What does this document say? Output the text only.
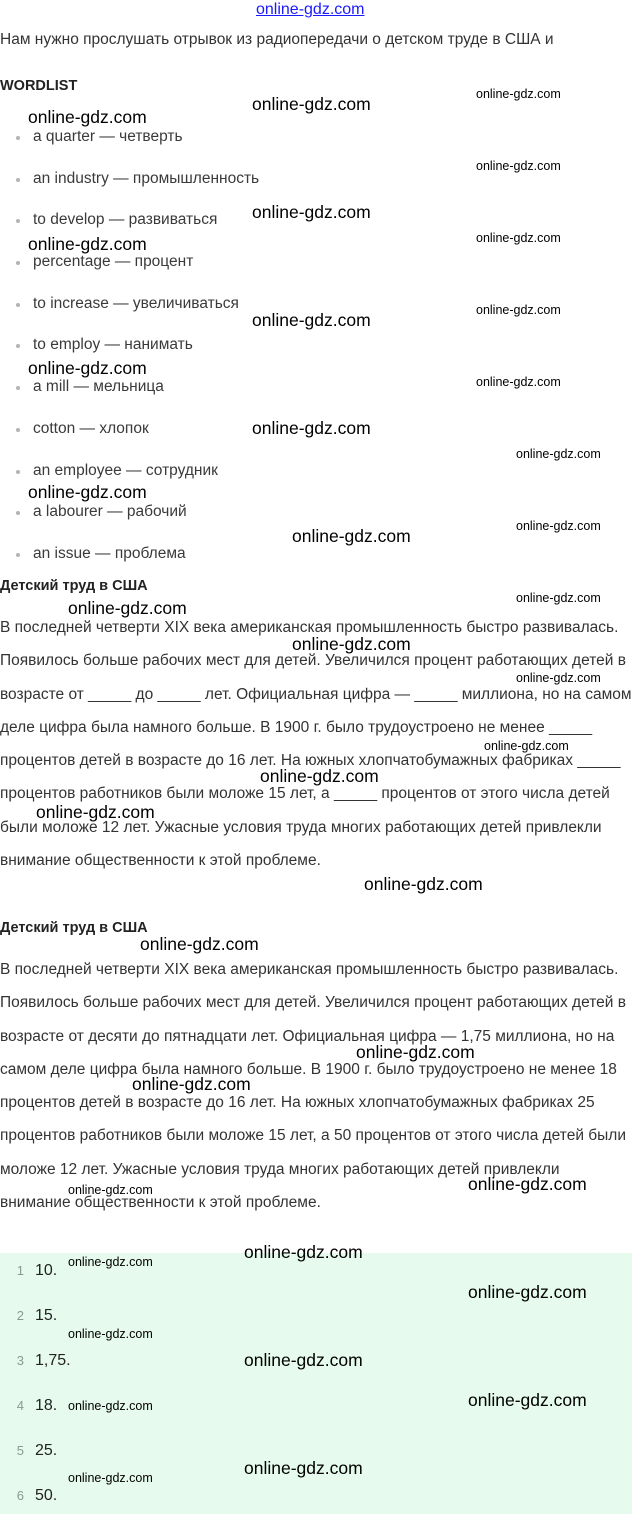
online-gdz.com
Нам нужно прослушать отрывок из радиопередачи о детском труде в США и
WORDLIST
a quarter — четверть
an industry — промышленность
to develop — развиваться
percentage — процент
to increase — увеличиваться
to employ — нанимать
a mill — мельница
cotton — хлопок
an employee — сотрудник
a labourer — рабочий
an issue — проблема
Детский труд в США

В последней четверти XIX века американская промышленность быстро развивалась. Появилось больше рабочих мест для детей. Увеличился процент работающих детей в возрасте от _____ до _____ лет. Официальная цифра — _____ миллиона, но на самом деле цифра была намного больше. В 1900 г. было трудоустроено не менее _____ процентов детей в возрасте до 16 лет. На южных хлопчатобумажных фабриках _____ процентов работников были моложе 15 лет, а _____ процентов от этого числа детей были моложе 12 лет. Ужасные условия труда многих работающих детей привлекли внимание общественности к этой проблеме.

Детский труд в США

В последней четверти XIX века американская промышленность быстро развивалась. Появилось больше рабочих мест для детей. Увеличился процент работающих детей в возрасте от десяти до пятнадцати лет. Официальная цифра — 1,75 миллиона, но на самом деле цифра была намного больше. В 1900 г. было трудоустроено не менее 18 процентов детей в возрасте до 16 лет. На южных хлопчатобумажных фабриках 25 процентов работников были моложе 15 лет, а 50 процентов от этого числа детей были моложе 12 лет. Ужасные условия труда многих работающих детей привлекли внимание общественности к этой проблеме.

1 10.
2 15.
3 1,75.
4 18.
5 25.
6 50.
online-gdz.com	online-gdz.com
online-gdz.com
online-gdz.com
online-gdz.com
online-gdz.com
online-gdz.com
online-gdz.com
online-gdz.com
online-gdz.com
online-gdz.com
online-gdz.com
online-gdz.com
online-gdz.com
online-gdz.com
online-gdz.com
online-gdz.com
online-gdz.com
online-gdz.com
online-gdz.com
online-gdz.com
online-gdz.com
online-gdz.com
online-gdz.com
online-gdz.com
online-gdz.com
online-gdz.com
online-gdz.com
online-gdz.com
online-gdz.com
online-gdz.com
online-gdz.com
online-gdz.com
online-gdz.com
online-gdz.com
online-gdz.com
online-gdz.com
online-gdz.com
